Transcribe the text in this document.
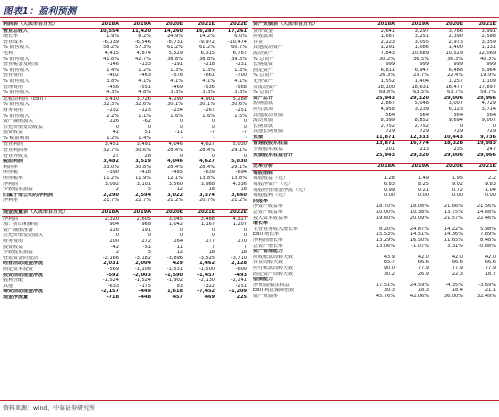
图表1：盈利预测
利润表（人民币百万元）	2018A	2019A	2020E	2021E	2022E
营业总收入	10,554	11,420	14,260	16,287	17,261
增长率	1.9%	8.2%	24.9%	14.2%	6.0%
营业成本	-6,139	-6,546	-8,731	-9,972	-10,474
% 销售收入	58.2%	57.3%	61.2%	61.2%	60.7%
毛利	4,415	4,874	5,529	6,315	6,787
% 销售收入	41.8%	42.7%	38.8%	38.8%	39.3%
营业税金及附加	-146	-133	-191	-218	-231
% 销售收入	1.4%	1.2%	1.3%	1.3%	1.3%
营业费用	-402	-463	-578	-661	-700
% 销售收入	3.8%	4.1%	4.1%	4.1%	4.1%
管理费用	-456	-551	-469	-536	-568
% 销售收入	4.3%	4.8%	3.3%	3.3%	3.3%
息税前利润（EBIT）	3,410	3,726	4,290	4,901	5,288
% 销售收入	32.3%	32.6%	30.1%	30.1%	30.6%
财务费用	-232	-123	-234	-267	-251
% 销售收入	2.2%	1.1%	1.6%	1.6%	1.5%
资产减值损失	226	-62	0	0	0
公允价值变动收益	0	0	0	0	0
投资收益	42	51	-11	-7	-7
% 税前利润	1.2%	1.4%	-	-	-
营业利润	3,451	3,491	4,046	4,627	5,030
营业利润率	32.7%	30.6%	28.4%	28.4%	29.1%
营业外收支	27	28	0	0	0
税前利润	3,482	3,519	4,046	4,627	5,030
利润率	33.0%	30.8%	28.4%	28.4%	29.1%
所得税	-390	-418	-485	-639	-694
所得税率	11.2%	11.9%	12.1%	13.8%	13.8%
净利润	3,092	3,101	3,560	3,988	4,336
少数股东损益	2	5	12	18	18
归属于母公司的净利润	2,290	2,594	3,022	3,374	3,660
净利率	21.7%	22.7%	21.2%	20.7%	21.2%

现金流量表（人民币百万元）	2018A	2019A	2020E	2021E	2022E
净利润	2,320	2,605	3,045	3,488	4,327
加：折旧和摊销	904	968	1,042	1,167	1,207
资产减值准备	226	191	0	0	0
公允价值变动损失	0	0	0	0	0
财务费用	200	272	264	277	270
投资收益	-42	-51	11	7	7
少数股东损益	2	5	12	18	18
营运资金的变动	-2,166	-3,182	-3,896	-3,525	-3,710
经营活动现金净流	2,031	2,004	429	1,462	2,128
固定资本投资	-569	-1,208	-1,531	-1,500	-600
投资活动现金净流	-592	-2,003	-1,590	-1,457	-493
股利分配	-1,524	-1,524	-1,902	-2,130	-2,241
其他	-633	-175	83	-322	-251
筹资活动现金净流	-2,157	-449	1,618	-7,452	-1,209
现金净流量	-718	-448	457	469	225
资产负债表（人民币百万元）	2018A	2019A	2020E	2021E
货币资金	2,641	3,297	3,766	3,991
应收款项	1,687	3,251	2,390	2,588
存货	2,223	3,055	2,973	3,359
其他流动资产	1,291	1,086	1,400	1,131
流动资产	7,843	10,689	10,529	12,069
% 总资产	30.2%	36.5%	36.3%	40.3%
长期投资	999	999	999	999
固定资产	6,811	6,947	6,488	5,964
% 总资产	26.3%	23.7%	22.4%	19.9%
无形资产	1,552	1,404	1,257	1,109
非流动资产	18,100	18,631	18,477	17,897
% 总资产	69.8%	63.5%	63.7%	59.7%
资产总计	25,943	29,320	29,006	29,966
短期借款	2,867	5,048	3,007	4,729
应付款项	4,958	3,239	6,123	3,714
其他流动负债	564	564	564	564
流动负债	8,399	8,852	9,694	9,007
长期贷款	2,752	2,752	0	0
其他长期负债	729	729	729	729
负债	11,871	12,333	10,443	9,736
普通股股东权益	13,871	16,774	18,328	19,983
少数股东权益	201	213	235	247
负债股东权益合计	25,943	29,320	29,006	29,966

比率分析	2018A	2019A	2020E	2021E
每股指标				
每股收益（元）	1.28	1.49	1.95	2.2
每股净资产（元）	6.83	8.25	9.02	9.83
每股经营现金净流（元）	0.99	0.21	0.72	1.04
每股股利（元）	0.00	0.00	0.00	0.00
回报率				
净资产收益率	18.70%	18.08%	21.66%	21.56%
总资产收益率	10.00%	10.38%	13.75%	14.68%
投入资本收益率	19.60%	20.09%	21.57%	22.46%
增长率				
主营业务收入增长率	8.20%	24.87%	14.22%	5.98%
EBIT增长率	15.53%	14.51%	14.36%	7.89%
净利润增长率	13.29%	16.50%	11.65%	8.48%
总资产增长率	13.06%	-1.07%	3.31%	-0.88%
资产管理能力				
应收账款周转天数	43.9	42.0	42.0	42.0
存货周转天数	65.7	66.6	66.6	66.6
应付账款周转天数	90.0	77.9	77.9	77.9
固定资产周转天数	30.2	26.9	22.3	18.7
偿债能力				
净负债/股东权益	17.51%	24.59%	-4.35%	-3.69%
EBIT利息保障倍数	30.3	18.3	18.4	21.1
资产负债率	45.76%	42.06%	36.00%	32.49%
资料来源：wind、中泰证券研究所
